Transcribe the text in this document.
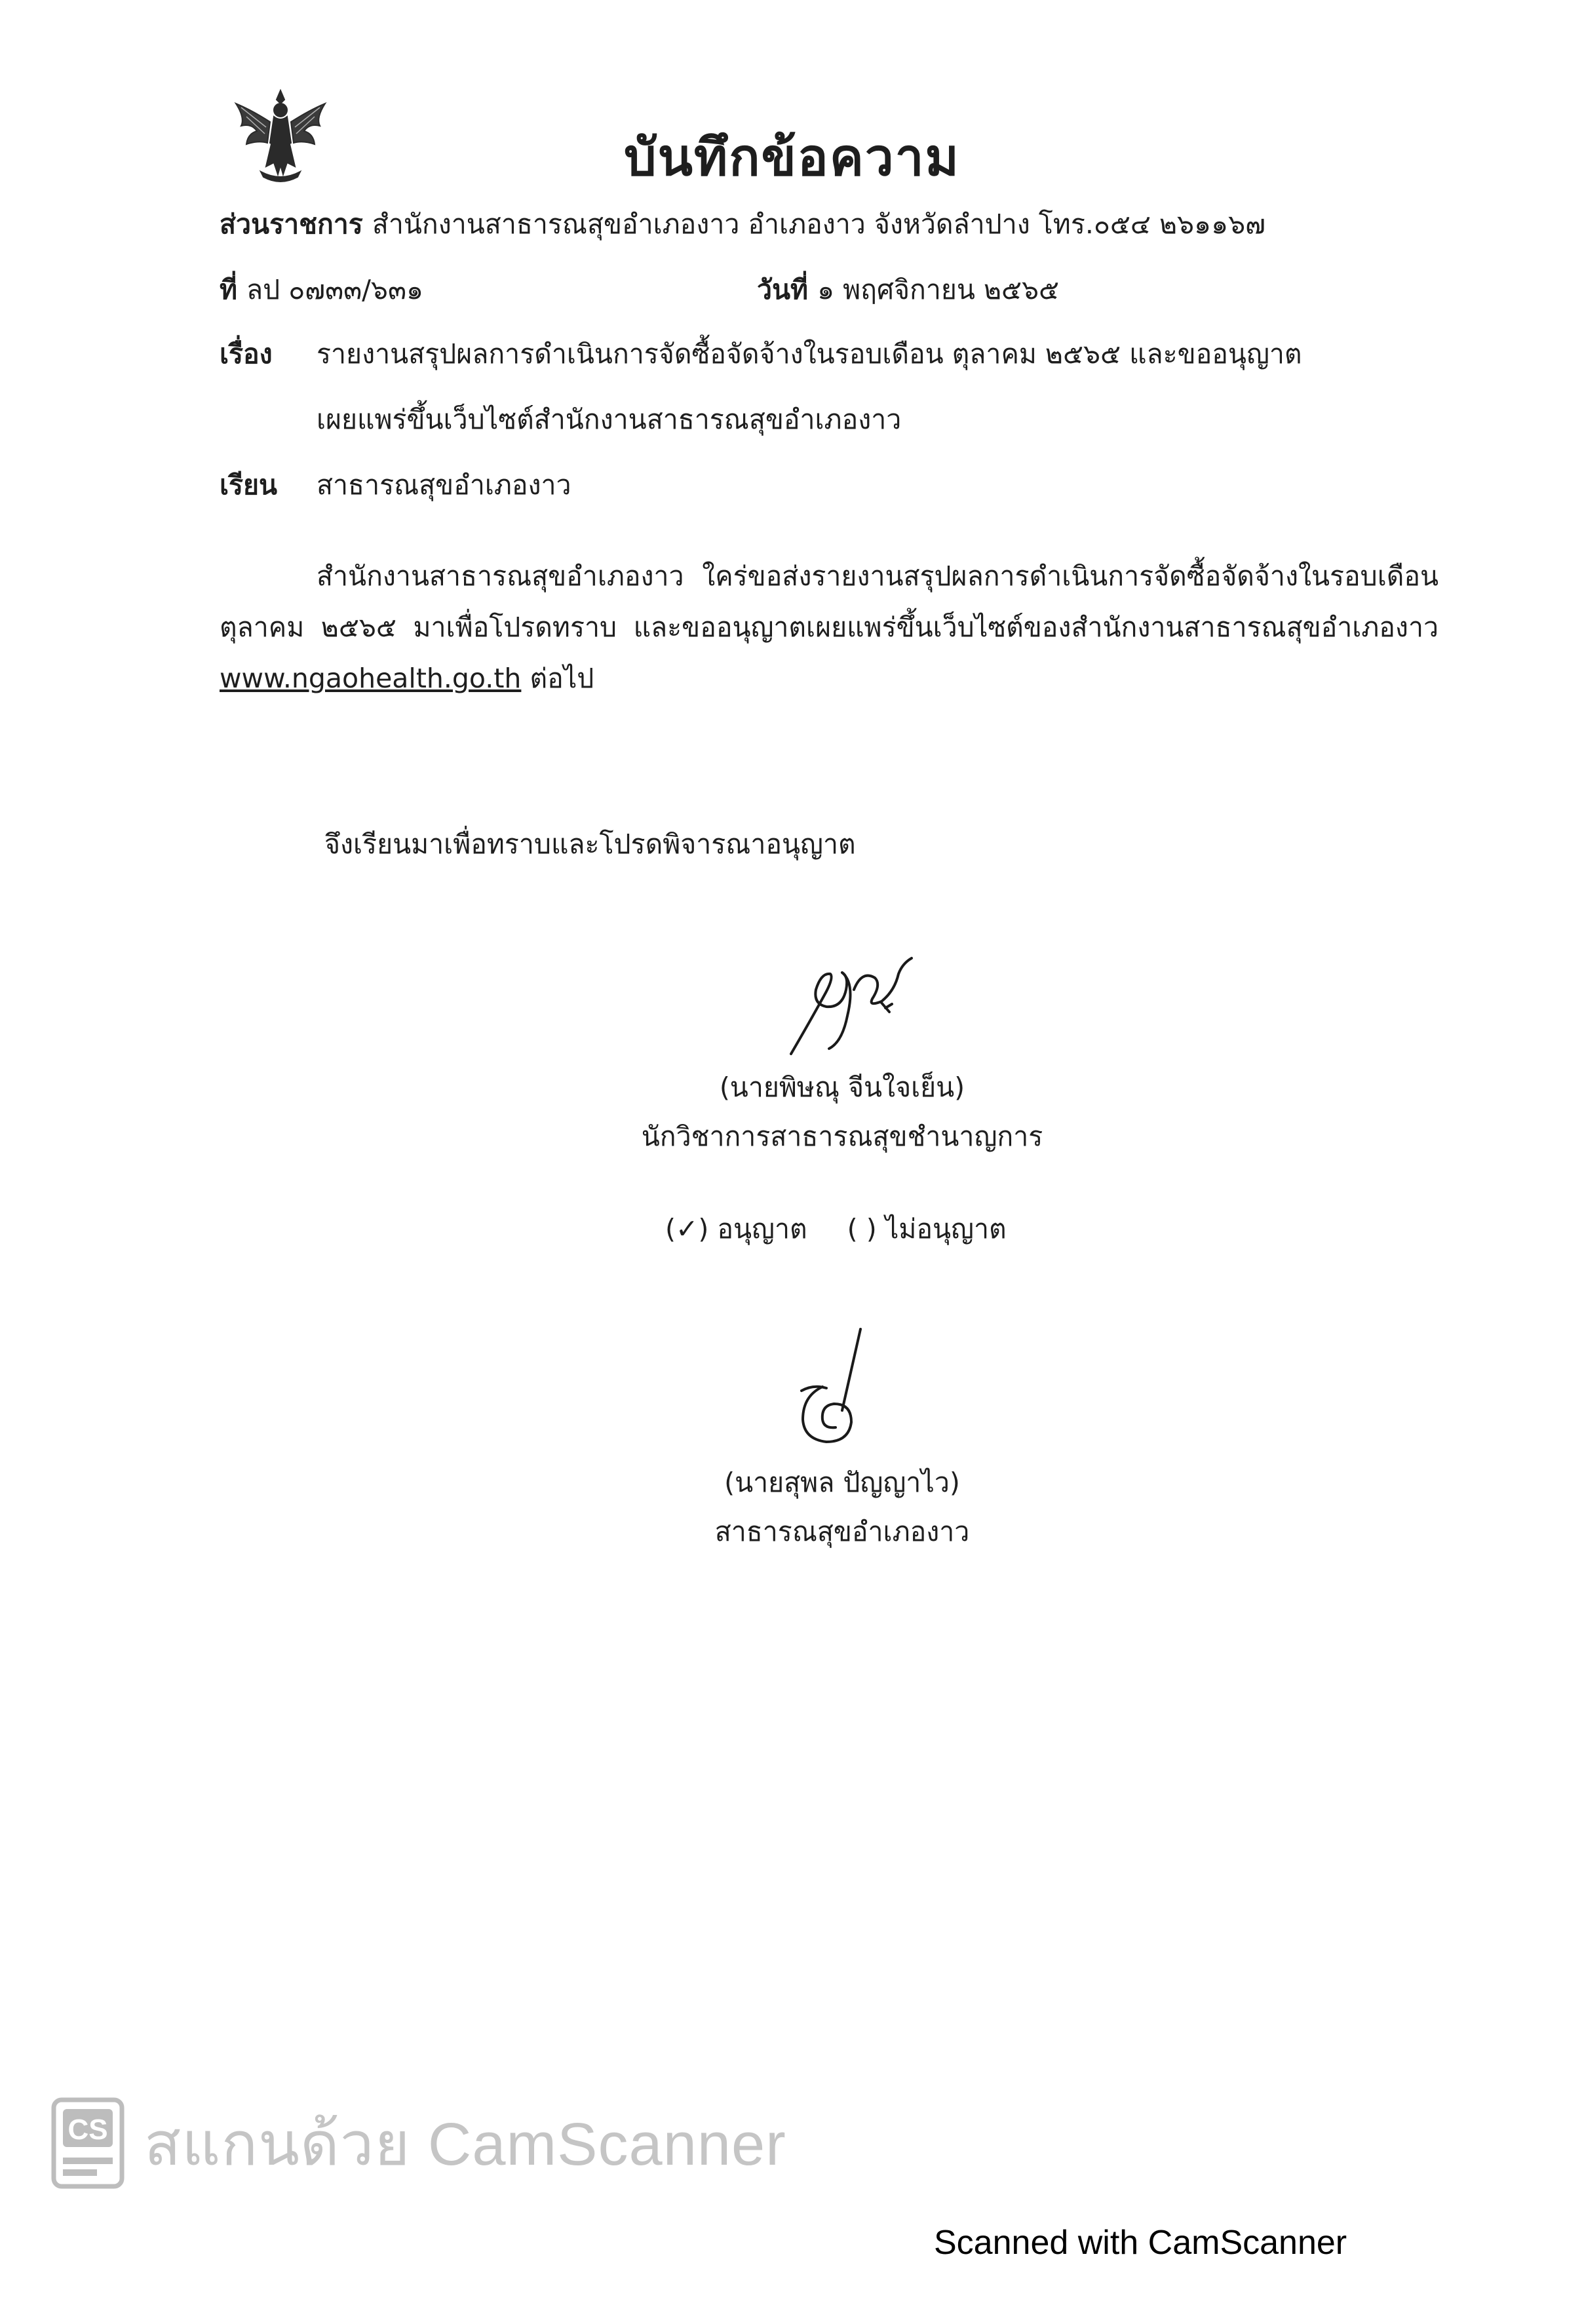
บันทึกข้อความ
ส่วนราชการ สำนักงานสาธารณสุขอำเภองาว อำเภองาว จังหวัดลำปาง โทร.๐๕๔ ๒๖๑๑๖๗
ที่ ลป ๐๗๓๓/๖๓๑	วันที่ ๑ พฤศจิกายน ๒๕๖๕
เรื่อง รายงานสรุปผลการดำเนินการจัดซื้อจัดจ้างในรอบเดือน ตุลาคม ๒๕๖๕ และขออนุญาต
เผยแพร่ขึ้นเว็บไซต์สำนักงานสาธารณสุขอำเภองาว
เรียน สาธารณสุขอำเภองาว
สำนักงานสาธารณสุขอำเภองาว ใคร่ขอส่งรายงานสรุปผลการดำเนินการจัดซื้อจัดจ้างในรอบเดือน ตุลาคม ๒๕๖๕ มาเพื่อโปรดทราบ และขออนุญาตเผยแพร่ขึ้นเว็บไซต์ของสำนักงานสาธารณสุขอำเภองาว www.ngaohealth.go.th ต่อไป
จึงเรียนมาเพื่อทราบและโปรดพิจารณาอนุญาต
(นายพิษณุ จีนใจเย็น)
นักวิชาการสาธารณสุขชำนาญการ
(✓) อนุญาต ( ) ไม่อนุญาต
(นายสุพล ปัญญาไว)
สาธารณสุขอำเภองาว
CS สแกนด้วย CamScanner
Scanned with CamScanner
